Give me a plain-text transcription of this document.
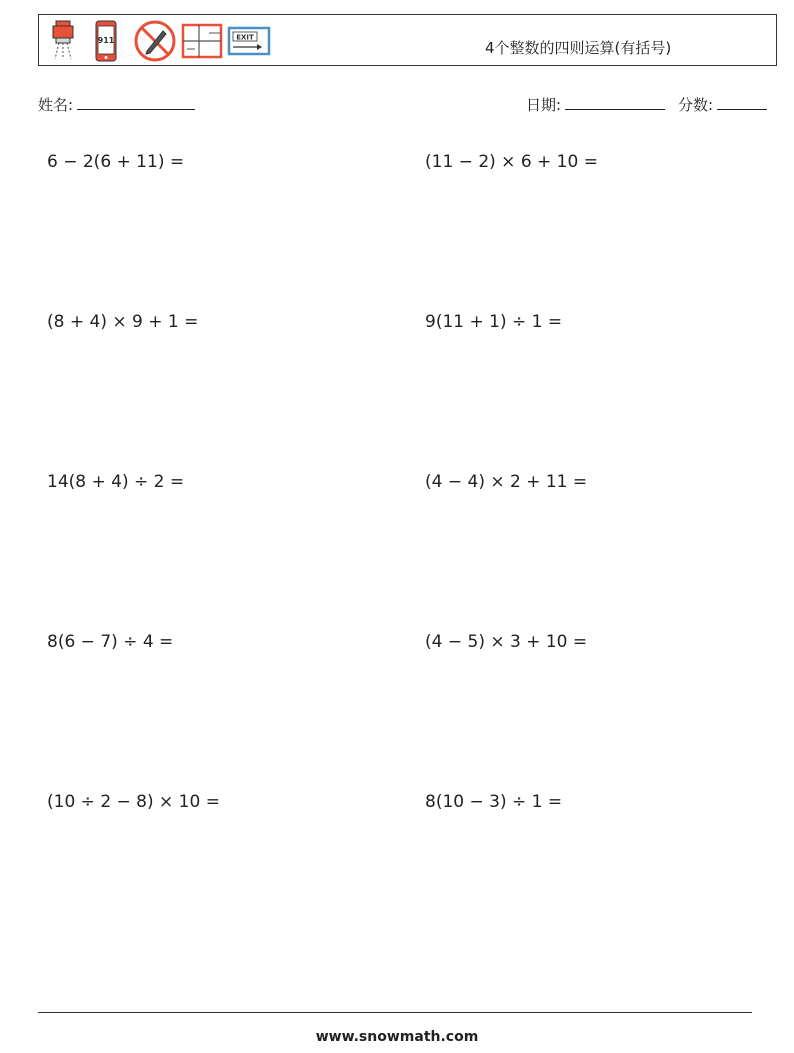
911	EXIT
4个整数的四则运算(有括号)
姓名:	日期:	分数:
6 − 2(6 + 11) =	(11 − 2) × 6 + 10 =
(8 + 4) × 9 + 1 =	9(11 + 1) ÷ 1 =
14(8 + 4) ÷ 2 =	(4 − 4) × 2 + 11 =
8(6 − 7) ÷ 4 =	(4 − 5) × 3 + 10 =
(10 ÷ 2 − 8) × 10 =	8(10 − 3) ÷ 1 =
www.snowmath.com
